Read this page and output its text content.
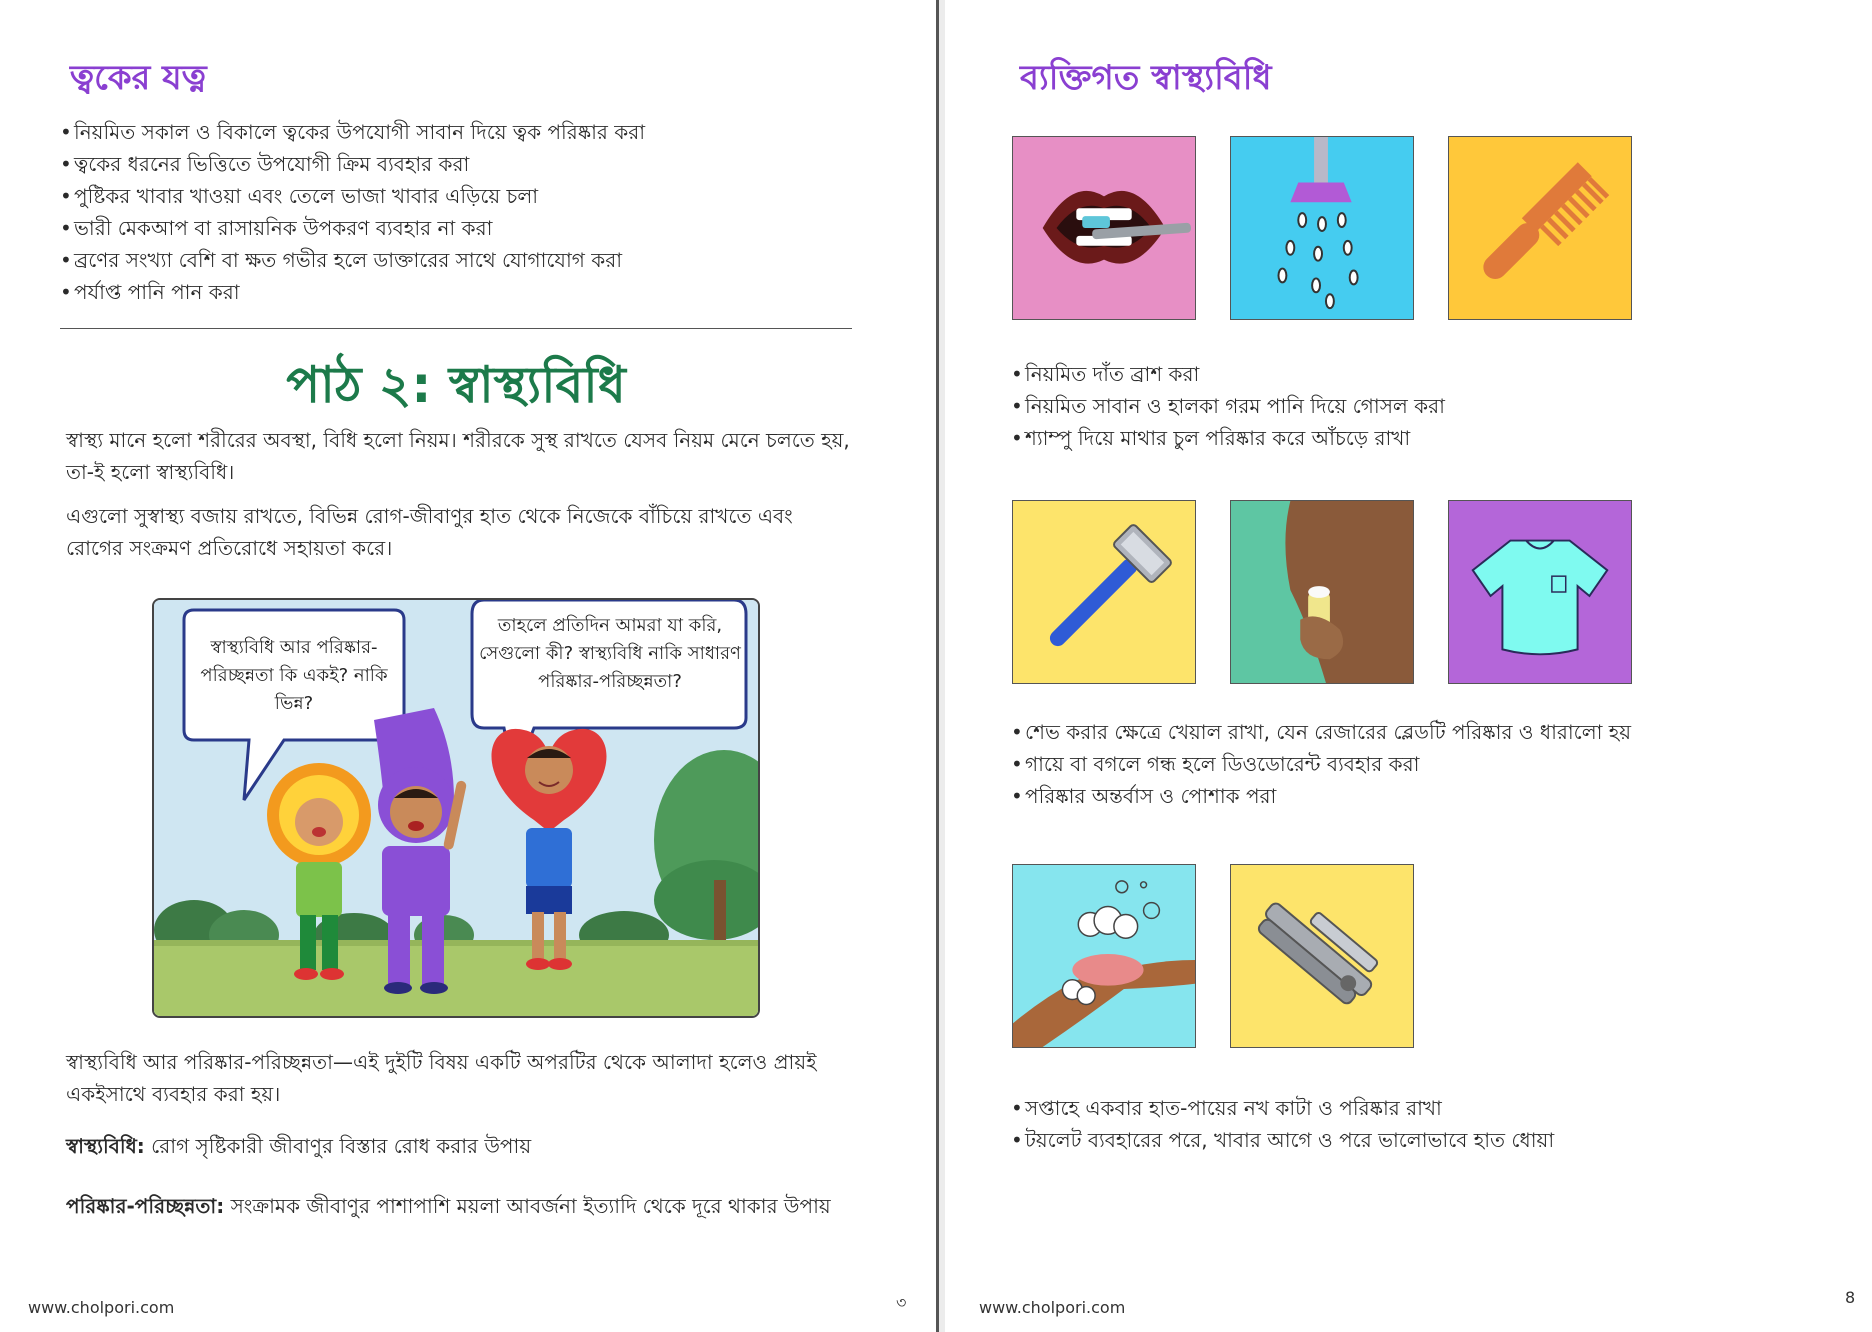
ত্বকের যত্ন
• নিয়মিত সকাল ও বিকালে ত্বকের উপযোগী সাবান দিয়ে ত্বক পরিষ্কার করা
• ত্বকের ধরনের ভিত্তিতে উপযোগী ক্রিম ব্যবহার করা
• পুষ্টিকর খাবার খাওয়া এবং তেলে ভাজা খাবার এড়িয়ে চলা
• ভারী মেকআপ বা রাসায়নিক উপকরণ ব্যবহার না করা
• ব্রণের সংখ্যা বেশি বা ক্ষত গভীর হলে ডাক্তারের সাথে যোগাযোগ করা
• পর্যাপ্ত পানি পান করা
পাঠ ২: স্বাস্থ্যবিধি

স্বাস্থ্য মানে হলো শরীরের অবস্থা, বিধি হলো নিয়ম। শরীরকে সুস্থ রাখতে যেসব নিয়ম মেনে চলতে হয়, তা-ই হলো স্বাস্থ্যবিধি।

এগুলো সুস্বাস্থ্য বজায় রাখতে, বিভিন্ন রোগ-জীবাণুর হাত থেকে নিজেকে বাঁচিয়ে রাখতে এবং রোগের সংক্রমণ প্রতিরোধে সহায়তা করে।

স্বাস্থ্যবিধি আর পরিষ্কার-পরিচ্ছন্নতা কি একই? নাকি ভিন্ন?
তাহলে প্রতিদিন আমরা যা করি, সেগুলো কী? স্বাস্থ্যবিধি নাকি সাধারণ পরিষ্কার-পরিচ্ছন্নতা?

স্বাস্থ্যবিধি আর পরিষ্কার-পরিচ্ছন্নতা—এই দুইটি বিষয় একটি অপরটির থেকে আলাদা হলেও প্রায়ই একইসাথে ব্যবহার করা হয়।

স্বাস্থ্যবিধি: রোগ সৃষ্টিকারী জীবাণুর বিস্তার রোধ করার উপায়

পরিষ্কার-পরিচ্ছন্নতা: সংক্রামক জীবাণুর পাশাপাশি ময়লা আবর্জনা ইত্যাদি থেকে দূরে থাকার উপায়

www.cholpori.com	৩
ব্যক্তিগত স্বাস্থ্যবিধি
• নিয়মিত দাঁত ব্রাশ করা
• নিয়মিত সাবান ও হালকা গরম পানি দিয়ে গোসল করা
• শ্যাম্পু দিয়ে মাথার চুল পরিষ্কার করে আঁচড়ে রাখা
• শেভ করার ক্ষেত্রে খেয়াল রাখা, যেন রেজারের ব্লেডটি পরিষ্কার ও ধারালো হয়
• গায়ে বা বগলে গন্ধ হলে ডিওডোরেন্ট ব্যবহার করা
• পরিষ্কার অন্তর্বাস ও পোশাক পরা
• সপ্তাহে একবার হাত-পায়ের নখ কাটা ও পরিষ্কার রাখা
• টয়লেট ব্যবহারের পরে, খাবার আগে ও পরে ভালোভাবে হাত ধোয়া
www.cholpori.com
8
